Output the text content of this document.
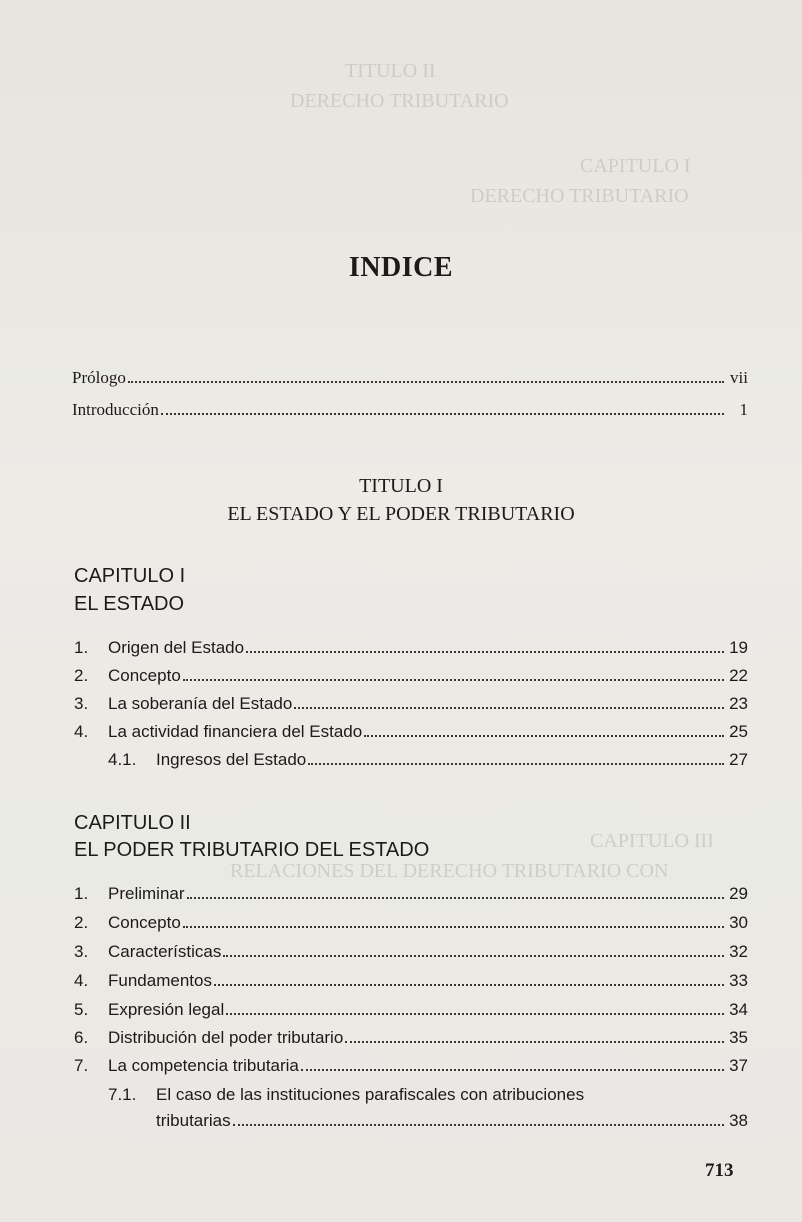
TITULO II
DERECHO TRIBUTARIO
CAPITULO I
DERECHO TRIBUTARIO
CAPITULO III
RELACIONES DEL DERECHO TRIBUTARIO CON
INDICE
Prólogo	vii
Introducción	1
TITULO I
EL ESTADO Y EL PODER TRIBUTARIO
CAPITULO I
EL ESTADO
1.	Origen del Estado	19
2.	Concepto	22
3.	La soberanía del Estado	23
4.	La actividad financiera del Estado	25
4.1.	Ingresos del Estado	27
CAPITULO II
EL PODER TRIBUTARIO DEL ESTADO
1.	Preliminar	29
2.	Concepto	30
3.	Características	32
4.	Fundamentos	33
5.	Expresión legal	34
6.	Distribución del poder tributario	35
7.	La competencia tributaria	37
7.1. El caso de las instituciones parafiscales con atribuciones
tributarias	38
713
